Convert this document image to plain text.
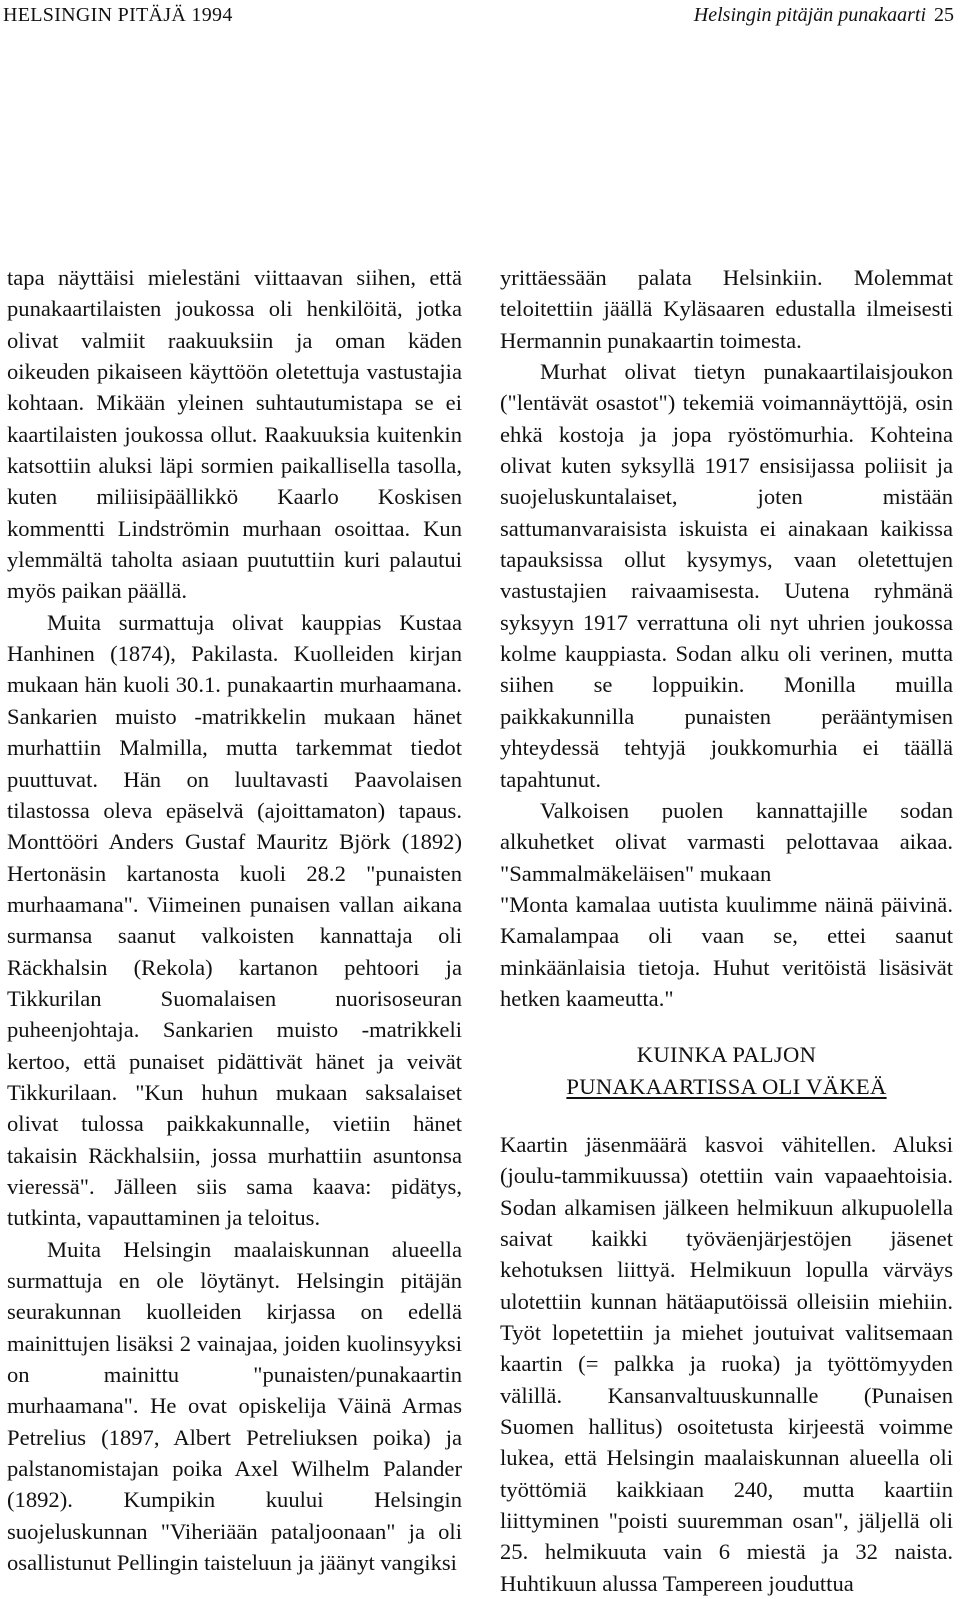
HELSINGIN PITÄJÄ 1994	Helsingin pitäjän punakaarti 25

tapa näyttäisi mielestäni viittaavan siihen, että punakaartilaisten joukossa oli henkilöitä, jotka olivat valmiit raakuuksiin ja oman käden oikeuden pikaiseen käyttöön oletettuja vastustajia kohtaan. Mikään yleinen suhtautumistapa se ei kaartilaisten joukossa ollut. Raakuuksia kuitenkin katsottiin aluksi läpi sormien paikallisella tasolla, kuten miliisipäällikkö Kaarlo Koskisen kommentti Lindströmin murhaan osoittaa. Kun ylemmältä taholta asiaan puututtiin kuri palautui myös paikan päällä.

Muita surmattuja olivat kauppias Kustaa Hanhinen (1874), Pakilasta. Kuolleiden kirjan mukaan hän kuoli 30.1. punakaartin murhaamana. Sankarien muisto -matrikkelin mukaan hänet murhattiin Malmilla, mutta tarkemmat tiedot puuttuvat. Hän on luultavasti Paavolaisen tilastossa oleva epäselvä (ajoittamaton) tapaus. Monttööri Anders Gustaf Mauritz Björk (1892) Hertonäsin kartanosta kuoli 28.2 "punaisten murhaamana". Viimeinen punaisen vallan aikana surmansa saanut valkoisten kannattaja oli Räckhalsin (Rekola) kartanon pehtoori ja Tikkurilan Suomalaisen nuorisoseuran puheenjohtaja. Sankarien muisto -matrikkeli kertoo, että punaiset pidättivät hänet ja veivät Tikkurilaan. "Kun huhun mukaan saksalaiset olivat tulossa paikkakunnalle, vietiin hänet takaisin Räckhalsiin, jossa murhattiin asuntonsa vieressä". Jälleen siis sama kaava: pidätys, tutkinta, vapauttaminen ja teloitus.

Muita Helsingin maalaiskunnan alueella surmattuja en ole löytänyt. Helsingin pitäjän seurakunnan kuolleiden kirjassa on edellä mainittujen lisäksi 2 vainajaa, joiden kuolinsyyksi on mainittu "punaisten/punakaartin murhaamana". He ovat opiskelija Väinä Armas Petrelius (1897, Albert Petreliuksen poika) ja palstanomistajan poika Axel Wilhelm Palander (1892). Kumpikin kuului Helsingin suojeluskunnan "Viheriään pataljoonaan" ja oli osallistunut Pellingin taisteluun ja jäänyt vangiksi

yrittäessään palata Helsinkiin. Molemmat teloitettiin jäällä Kyläsaaren edustalla ilmeisesti Hermannin punakaartin toimesta.

Murhat olivat tietyn punakaartilaisjoukon ("lentävät osastot") tekemiä voimannäyttöjä, osin ehkä kostoja ja jopa ryöstömurhia. Kohteina olivat kuten syksyllä 1917 ensisijassa poliisit ja suojeluskuntalaiset, joten mistään sattumanvaraisista iskuista ei ainakaan kaikissa tapauksissa ollut kysymys, vaan oletettujen vastustajien raivaamisesta. Uutena ryhmänä syksyyn 1917 verrattuna oli nyt uhrien joukossa kolme kauppiasta. Sodan alku oli verinen, mutta siihen se loppuikin. Monilla muilla paikkakunnilla punaisten perääntymisen yhteydessä tehtyjä joukkomurhia ei täällä tapahtunut.

Valkoisen puolen kannattajille sodan alkuhetket olivat varmasti pelottavaa aikaa. "Sammalmäkeläisen" mukaan

"Monta kamalaa uutista kuulimme näinä päivinä. Kamalampaa oli vaan se, ettei saanut minkäänlaisia tietoja. Huhut veritöistä lisäsivät hetken kaameutta."

KUINKA PALJON
PUNAKAARTISSA OLI VÄKEÄ

Kaartin jäsenmäärä kasvoi vähitellen. Aluksi (joulu-tammikuussa) otettiin vain vapaaehtoisia. Sodan alkamisen jälkeen helmikuun alkupuolella saivat kaikki työväenjärjestöjen jäsenet kehotuksen liittyä. Helmikuun lopulla värväys ulotettiin kunnan hätäaputöissä olleisiin miehiin. Työt lopetettiin ja miehet joutuivat valitsemaan kaartin (= palkka ja ruoka) ja työttömyyden välillä. Kansanvaltuuskunnalle (Punaisen Suomen hallitus) osoitetusta kirjeestä voimme lukea, että Helsingin maalaiskunnan alueella oli työttömiä kaikkiaan 240, mutta kaartiin liittyminen "poisti suuremman osan", jäljellä oli 25. helmikuuta vain 6 miestä ja 32 naista. Huhtikuun alussa Tampereen jouduttua
